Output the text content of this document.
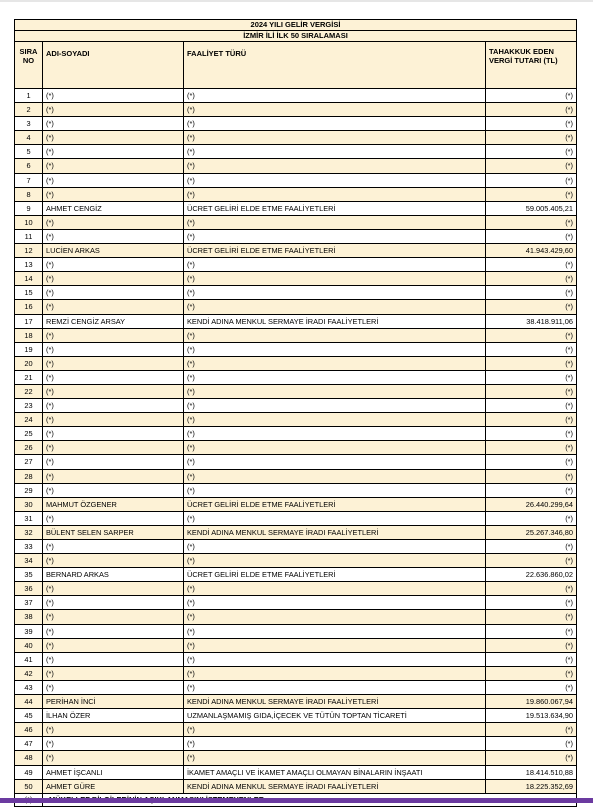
2024 YILI GELİR VERGİSİ
İZMİR İLİ İLK 50 SIRALAMASI
SIRA NO
ADI-SOYADI	FAALİYET TÜRÜ	TAHAKKUK EDEN VERGİ TUTARI (TL)
1	(*)	(*)	(*)
2	(*)	(*)	(*)
3	(*)	(*)	(*)
4	(*)	(*)	(*)
5	(*)	(*)	(*)
6	(*)	(*)	(*)
7	(*)	(*)	(*)
8	(*)	(*)	(*)
9	AHMET CENGİZ	ÜCRET GELİRİ ELDE ETME FAALİYETLERİ	59.005.405,21
10	(*)	(*)	(*)
11	(*)	(*)	(*)
12	LUCİEN ARKAS	ÜCRET GELİRİ ELDE ETME FAALİYETLERİ	41.943.429,60
13	(*)	(*)	(*)
14	(*)	(*)	(*)
15	(*)	(*)	(*)
16	(*)	(*)	(*)
17	REMZİ CENGİZ ARSAY	KENDİ ADINA MENKUL SERMAYE İRADI FAALİYETLERİ	38.418.911,06
18	(*)	(*)	(*)
19	(*)	(*)	(*)
20	(*)	(*)	(*)
21	(*)	(*)	(*)
22	(*)	(*)	(*)
23	(*)	(*)	(*)
24	(*)	(*)	(*)
25	(*)	(*)	(*)
26	(*)	(*)	(*)
27	(*)	(*)	(*)
28	(*)	(*)	(*)
29	(*)	(*)	(*)
30	MAHMUT ÖZGENER	ÜCRET GELİRİ ELDE ETME FAALİYETLERİ	26.440.299,64
31	(*)	(*)	(*)
32	BÜLENT SELEN SARPER	KENDİ ADINA MENKUL SERMAYE İRADI FAALİYETLERİ	25.267.346,80
33	(*)	(*)	(*)
34	(*)	(*)	(*)
35	BERNARD ARKAS	ÜCRET GELİRİ ELDE ETME FAALİYETLERİ	22.636.860,02
36	(*)	(*)	(*)
37	(*)	(*)	(*)
38	(*)	(*)	(*)
39	(*)	(*)	(*)
40	(*)	(*)	(*)
41	(*)	(*)	(*)
42	(*)	(*)	(*)
43	(*)	(*)	(*)
44	PERİHAN İNCİ	KENDİ ADINA MENKUL SERMAYE İRADI FAALİYETLERİ	19.860.067,94
45	İLHAN ÖZER	UZMANLAŞMAMIŞ GIDA,İÇECEK VE TÜTÜN TOPTAN TİCARETİ	19.513.634,90
46	(*)	(*)	(*)
47	(*)	(*)	(*)
48	(*)	(*)	(*)
49	AHMET İŞCANLI	İKAMET AMAÇLI VE İKAMET AMAÇLI OLMAYAN BİNALARIN İNŞAATI	18.414.510,88
50	AHMET GÜRE	KENDİ ADINA MENKUL SERMAYE İRADI FAALİYETLERİ	18.225.352,69
